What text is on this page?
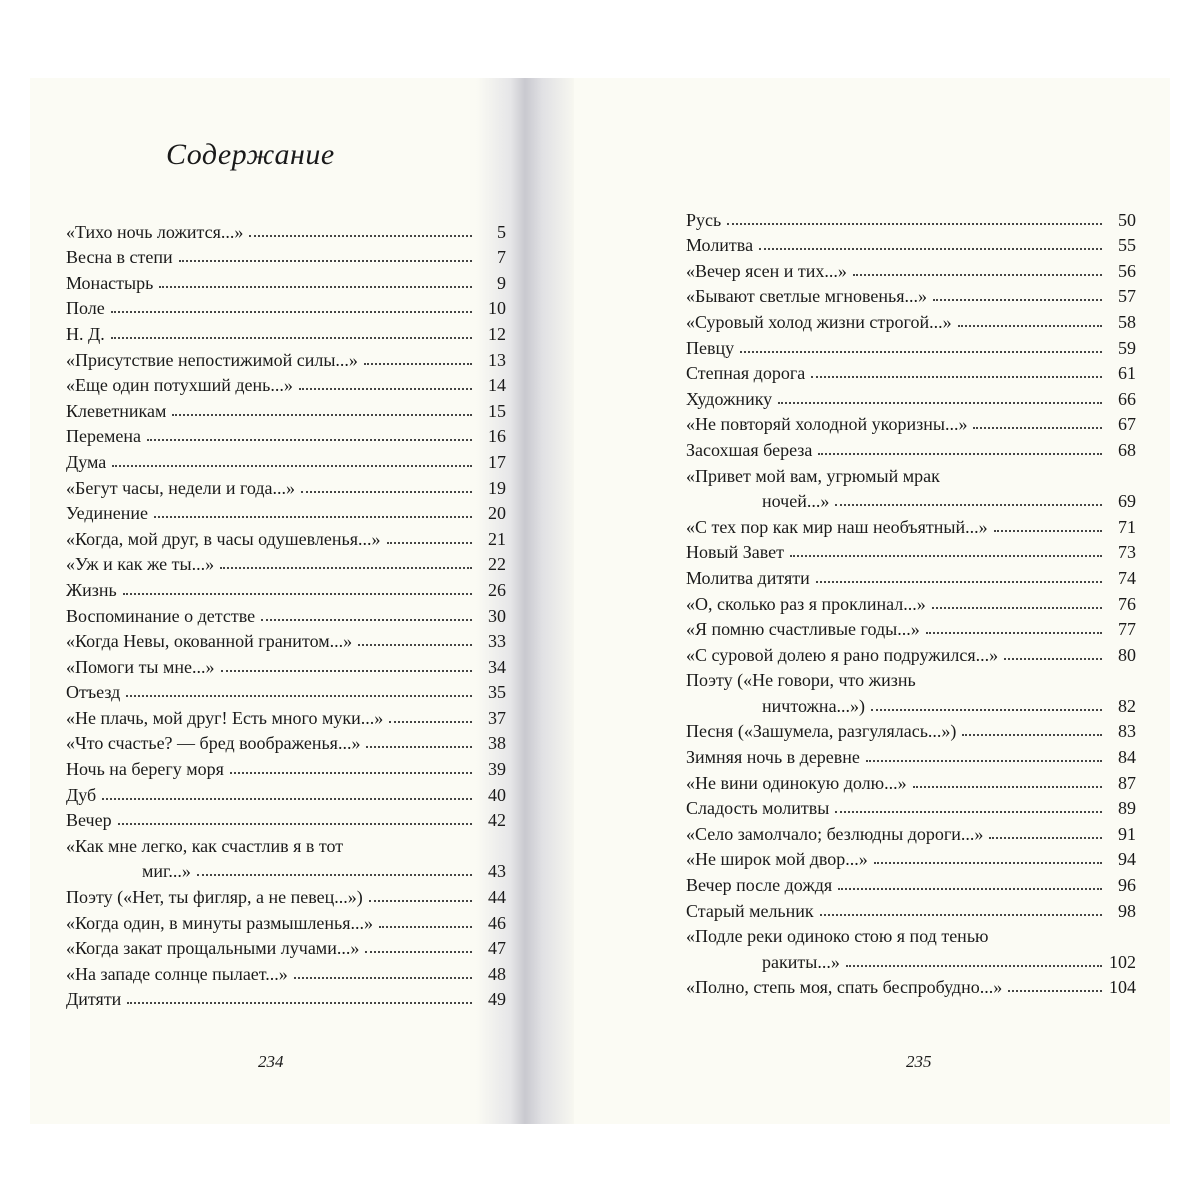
Содержание
«Тихо ночь ложится...»	5
Весна в степи	7
Монастырь	9
Поле	10
Н. Д.	12
«Присутствие непостижимой силы...»	13
«Еще один потухший день...»	14
Клеветникам	15
Перемена	16
Дума	17
«Бегут часы, недели и года...»	19
Уединение	20
«Когда, мой друг, в часы одушевленья...»	21
«Уж и как же ты...»	22
Жизнь	26
Воспоминание о детстве	30
«Когда Невы, окованной гранитом...»	33
«Помоги ты мне...»	34
Отъезд	35
«Не плачь, мой друг! Есть много муки...»	37
«Что счастье? — бред воображенья...»	38
Ночь на берегу моря	39
Дуб	40
Вечер	42
«Как мне легко, как счастлив я в тот
миг...»	43
Поэту («Нет, ты фигляр, а не певец...»)	44
«Когда один, в минуты размышленья...»	46
«Когда закат прощальными лучами...»	47
«На западе солнце пылает...»	48
Дитяти	49
234
Русь	50
Молитва	55
«Вечер ясен и тих...»	56
«Бывают светлые мгновенья...»	57
«Суровый холод жизни строгой...»	58
Певцу	59
Степная дорога	61
Художнику	66
«Не повторяй холодной укоризны...»	67
Засохшая береза	68
«Привет мой вам, угрюмый мрак
ночей...»	69
«С тех пор как мир наш необъятный...»	71
Новый Завет	73
Молитва дитяти	74
«О, сколько раз я проклинал...»	76
«Я помню счастливые годы...»	77
«С суровой долею я рано подружился...»	80
Поэту («Не говори, что жизнь
ничтожна...»)	82
Песня («Зашумела, разгулялась...»)	83
Зимняя ночь в деревне	84
«Не вини одинокую долю...»	87
Сладость молитвы	89
«Село замолчало; безлюдны дороги...»	91
«Не широк мой двор...»	94
Вечер после дождя	96
Старый мельник	98
«Подле реки одиноко стою я под тенью
ракиты...»	102
«Полно, степь моя, спать беспробудно...»	104
235
